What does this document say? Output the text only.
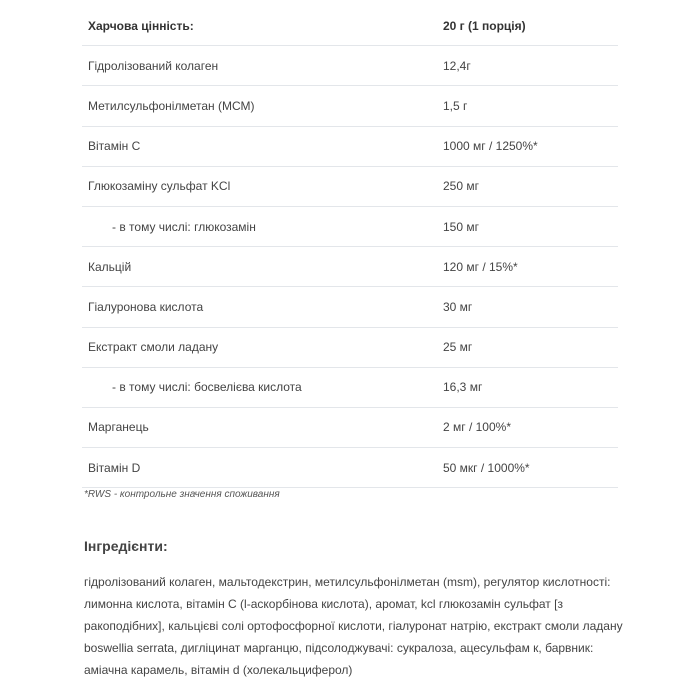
Харчова цінність:	20 г (1 порція)
Гідролізований колаген	12,4г
Метилсульфонілметан (МСМ)	1,5 г
Вітамін C	1000 мг / 1250%*
Глюкозаміну сульфат KCl	250 мг
- в тому числі: глюкозамін	150 мг
Кальцій	120 мг / 15%*
Гіалуронова кислота	30 мг
Екстракт смоли ладану	25 мг
- в тому числі: босвелієва кислота	16,3 мг
Марганець	2 мг / 100%*
Вітамін D	50 мкг / 1000%*
*RWS - контрольне значення споживання
Інгредієнти:
гідролізований колаген, мальтодекстрин, метилсульфонілметан (msm), регулятор кислотності: лимонна кислота, вітамін C (l-аскорбінова кислота), аромат, kcl глюкозамін сульфат [з ракоподібних], кальцієві солі ортофосфорної кислоти, гіалуронат натрію, екстракт смоли ладану boswellia serrata, дигліцинат марганцю, підсолоджувачі: сукралоза, ацесульфам к, барвник: аміачна карамель, вітамін d (холекальциферол)
